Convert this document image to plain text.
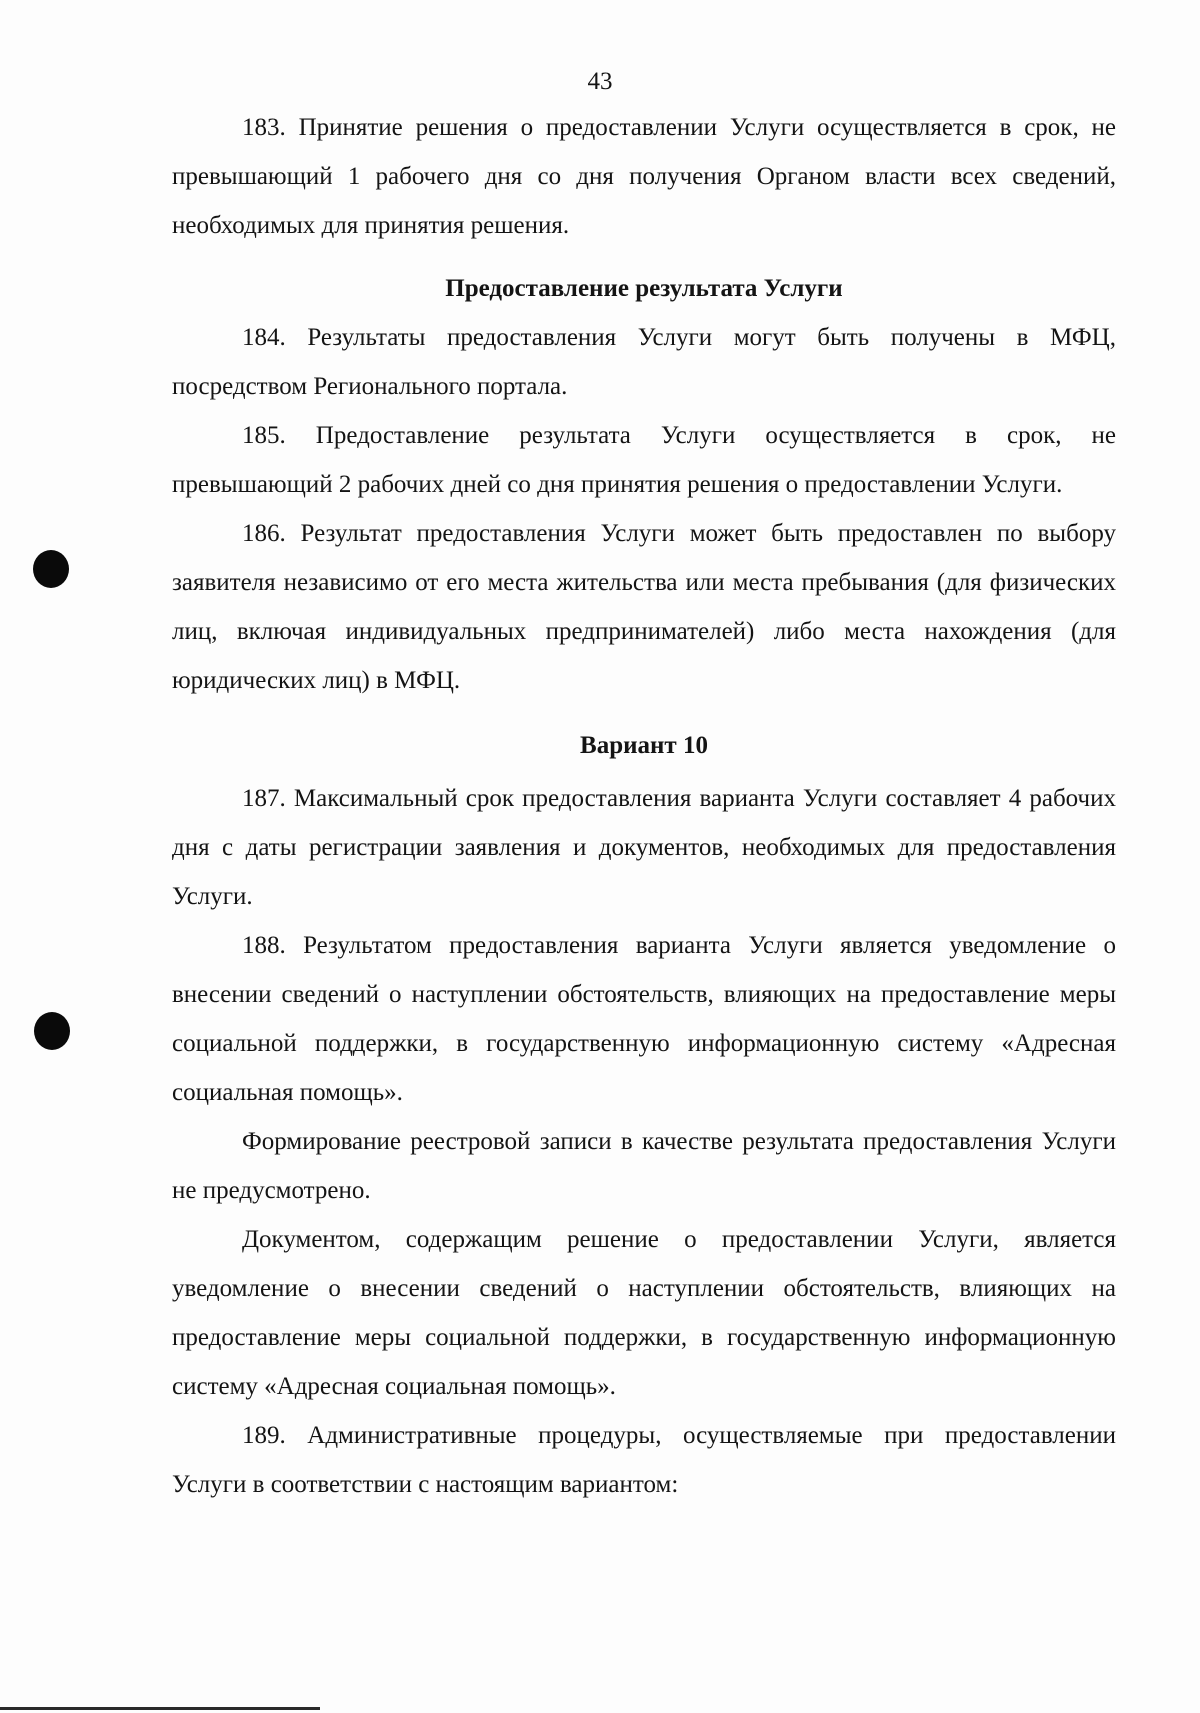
43

183. Принятие решения о предоставлении Услуги осуществляется в срок, не превышающий 1 рабочего дня со дня получения Органом власти всех сведений, необходимых для принятия решения.

Предоставление результата Услуги

184. Результаты предоставления Услуги могут быть получены в МФЦ, посредством Регионального портала.

185. Предоставление результата Услуги осуществляется в срок, не превышающий 2 рабочих дней со дня принятия решения о предоставлении Услуги.

186. Результат предоставления Услуги может быть предоставлен по выбору заявителя независимо от его места жительства или места пребывания (для физических лиц, включая индивидуальных предпринимателей) либо места нахождения (для юридических лиц) в МФЦ.

Вариант 10

187. Максимальный срок предоставления варианта Услуги составляет 4 рабочих дня с даты регистрации заявления и документов, необходимых для предоставления Услуги.

188. Результатом предоставления варианта Услуги является уведомление о внесении сведений о наступлении обстоятельств, влияющих на предоставление меры социальной поддержки, в государственную информационную систему «Адресная социальная помощь».

Формирование реестровой записи в качестве результата предоставления Услуги не предусмотрено.

Документом, содержащим решение о предоставлении Услуги, является уведомление о внесении сведений о наступлении обстоятельств, влияющих на предоставление меры социальной поддержки, в государственную информационную систему «Адресная социальная помощь».

189. Административные процедуры, осуществляемые при предоставлении Услуги в соответствии с настоящим вариантом:
